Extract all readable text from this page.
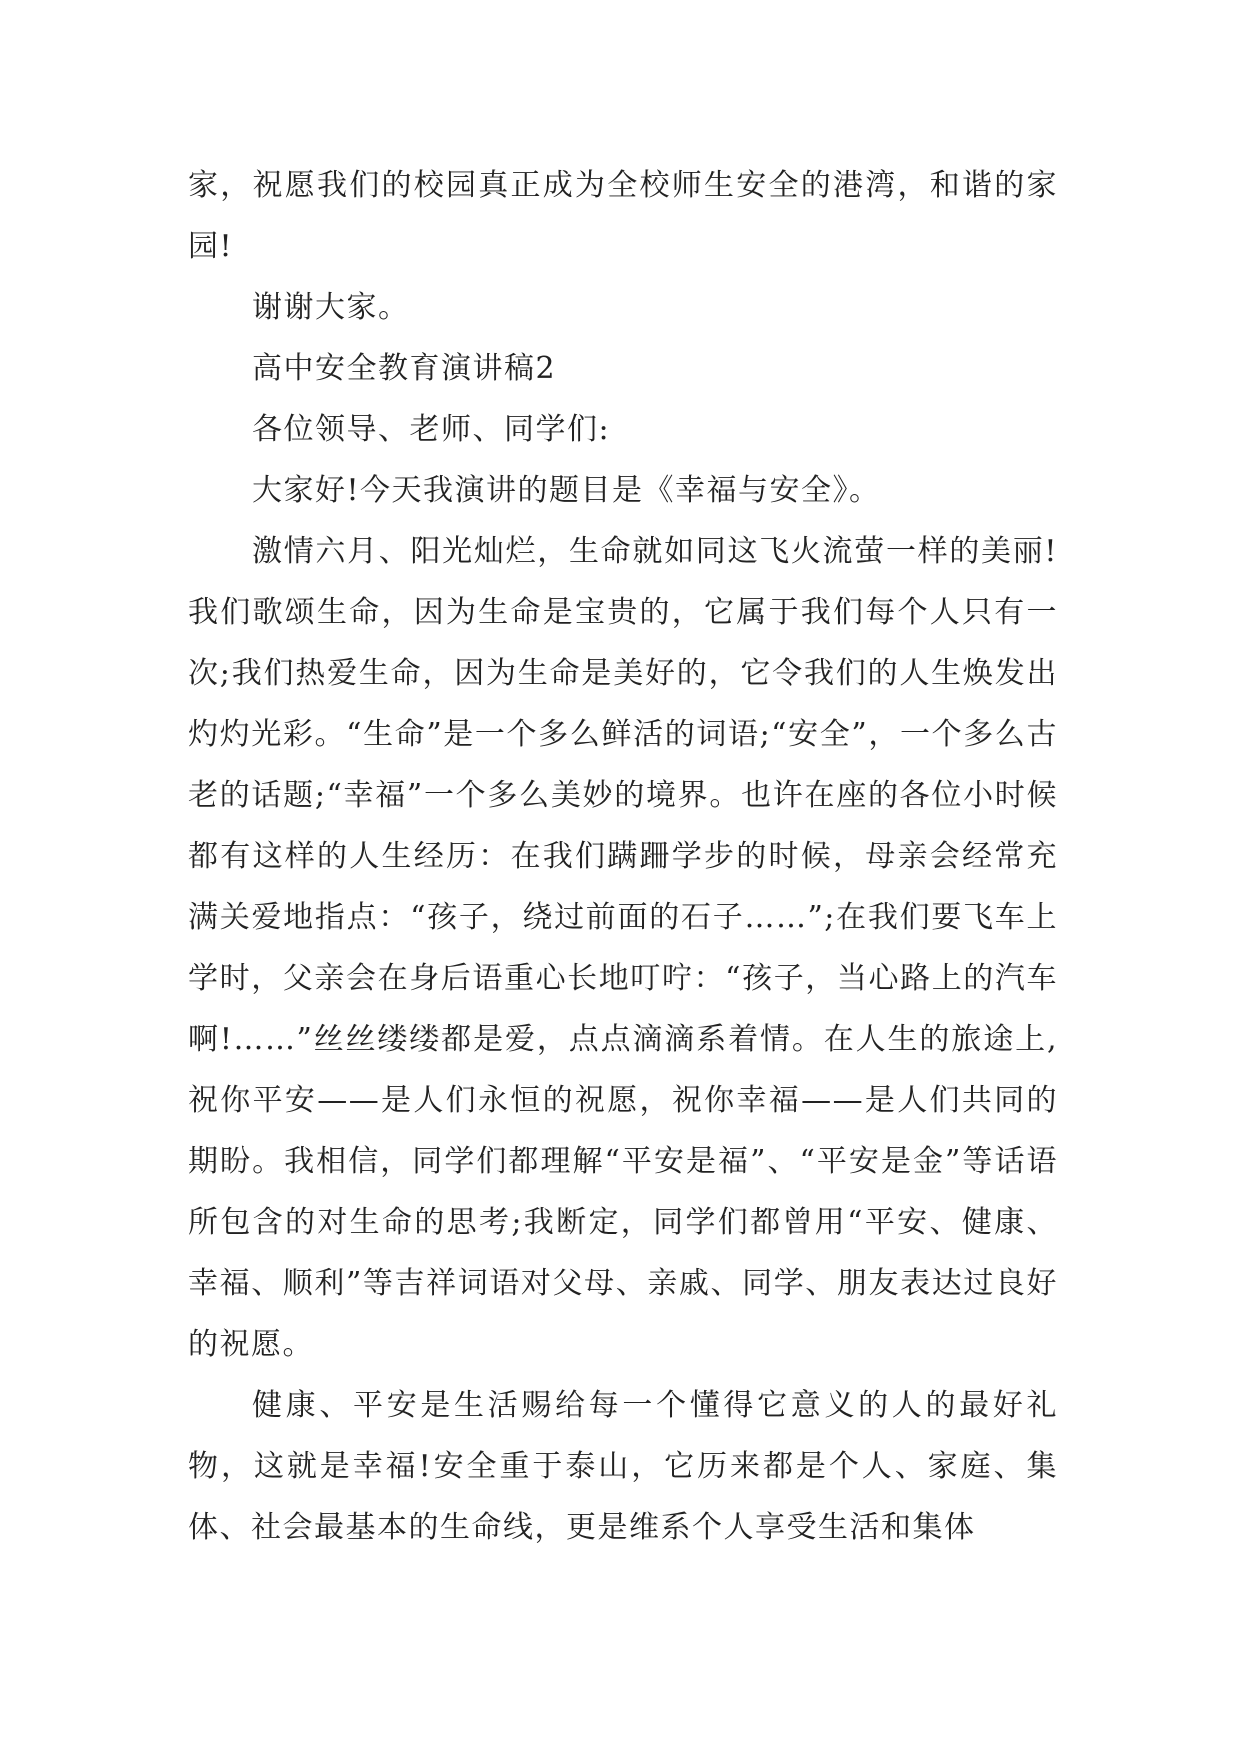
家，祝愿我们的校园真正成为全校师生安全的港湾，和谐的家园!

谢谢大家。

高中安全教育演讲稿2

各位领导、老师、同学们:

大家好!今天我演讲的题目是《幸福与安全》。

激情六月、阳光灿烂，生命就如同这飞火流萤一样的美丽!我们歌颂生命，因为生命是宝贵的，它属于我们每个人只有一次;我们热爱生命，因为生命是美好的，它令我们的人生焕发出灼灼光彩。“生命”是一个多么鲜活的词语;“安全”，一个多么古老的话题;“幸福”一个多么美妙的境界。也许在座的各位小时候都有这样的人生经历：在我们蹒跚学步的时候，母亲会经常充满关爱地指点：“孩子，绕过前面的石子……”;在我们要飞车上学时，父亲会在身后语重心长地叮咛：“孩子，当心路上的汽车啊!……”丝丝缕缕都是爱，点点滴滴系着情。在人生的旅途上,祝你平安——是人们永恒的祝愿，祝你幸福——是人们共同的期盼。我相信，同学们都理解“平安是福”、“平安是金”等话语所包含的对生命的思考;我断定，同学们都曾用“平安、健康、幸福、顺利”等吉祥词语对父母、亲戚、同学、朋友表达过良好的祝愿。

健康、平安是生活赐给每一个懂得它意义的人的最好礼物，这就是幸福!安全重于泰山，它历来都是个人、家庭、集体、社会最基本的生命线，更是维系个人享受生活和集体
